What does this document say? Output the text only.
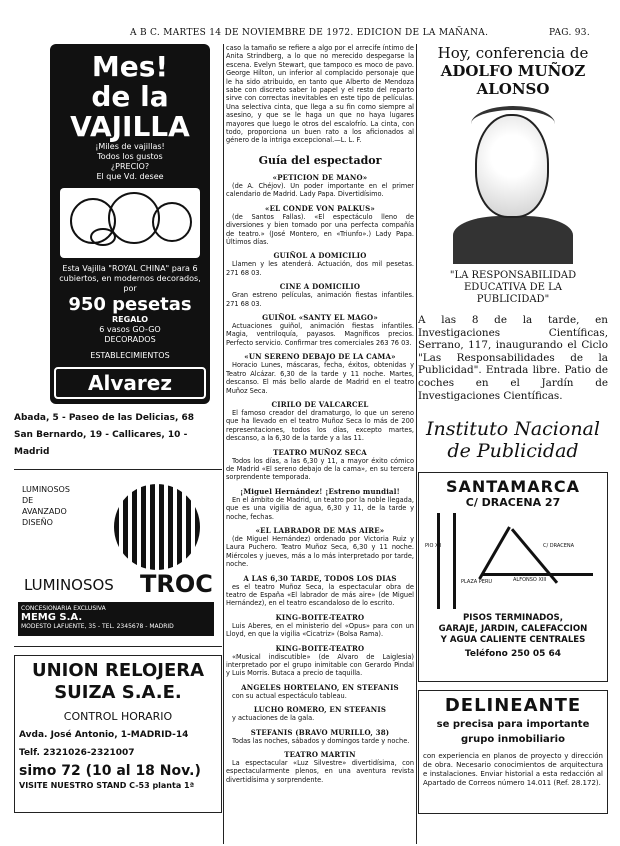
A B C. MARTES 14 DE NOVIEMBRE DE 1972. EDICION DE LA MAÑANA.	PAG. 93.
Mes!
de la
VAJILLA
¡Miles de vajillas!
Todos los gustos
¿PRECIO?
El que Vd. desee
Esta Vajilla "ROYAL CHINA" para 6 cubiertos, en modernos decorados, por
950 pesetas
REGALO
6 vasos GO-GO
DECORADOS
ESTABLECIMIENTOS
Alvarez
Abada, 5 - Paseo de las Delicias, 68
San Bernardo, 19 - Callicares, 10 - Madrid
LUMINOSOS
DE
AVANZADO
DISEÑO
LUMINOSOS TROC
CONCESIONARIA EXCLUSIVA
MEMG S.A.
MODESTO LAFUENTE, 35 - TEL. 2345678 - MADRID
UNION RELOJERA
SUIZA S.A.E.
CONTROL HORARIO
Avda. José Antonio, 1-MADRID-14
Telf. 2321026-2321007
simo 72 (10 al 18 Nov.)
VISITE NUESTRO STAND C-53 planta 1ª

caso la tamaño se refiere a algo por el arrecife íntimo de Anita Strindberg, a lo que no merecido despegarse la escena. Evelyn Stewart, que tampoco es moco de pavo. George Hilton, un inferior al complacido personaje que le ha sido atribuido, en tanto que Alberto de Mendoza sabe con discreto saber lo papel y el resto del reparto sirve con correctas inevitables en este tipo de películas. Una selectiva cinta, que llega a su fin como siempre al asesino, y que se le haga un que no haya lugares mayores que luego le otros del escalofrío. La cinta, con todo, proporciona un buen rato a los aficionados al género de la intriga excepcional.—L. L. F.

Guía del espectador
«PETICION DE MANO»

(de A. Chéjov). Un poder importante en el primer calendario de Madrid. Lady Papa. Divertidísimo.

«EL CONDE VON PALKUS»

(de Santos Fallas). «El espectáculo lleno de diversiones y bien tomado por una perfecta compañía de teatro.» (José Montero, en «Triunfo».) Lady Papa. Últimos días.

GUIÑOL A DOMICILIO

Llamen y les atenderá. Actuación, dos mil pesetas. 271 68 03.

CINE A DOMICILIO

Gran estreno películas, animación fiestas infantiles. 271 68 03.

GUIÑOL «SANTY EL MAGO»

Actuaciones guiñol, animación fiestas infantiles. Magia, ventriloquía, payasos. Magníficos precios. Perfecto servicio. Confirmar tres comerciales 263 76 03.

«UN SERENO DEBAJO DE LA CAMA»

Horacio Lunes, máscaras, fecha, éxitos, obtenidas y Teatro Alcázar. 6,30 de la tarde y 11 noche. Martes, descanso. El más bello alarde de Madrid en el teatro Muñoz Seca.

CIRILO DE VALCARCEL

El famoso creador del dramaturgo, lo que un sereno que ha llevado en el teatro Muñoz Seca lo más de 200 representaciones, todos los días, excepto martes, descanso, a la 6,30 de la tarde y a las 11.

TEATRO MUÑOZ SECA

Todos los días, a las 6,30 y 11, a mayor éxito cómico de Madrid «El sereno debajo de la cama», en su tercera sorprendente temporada.

¡Miguel Hernández! ¡Estreno mundial!

En el ámbito de Madrid, un teatro por la noble llegada, que es una vigilia de agua, 6,30 y 11, de la tarde y noche, fechas.

«EL LABRADOR DE MAS AIRE»

(de Miguel Hernández) ordenado por Victoria Ruiz y Laura Puchero. Teatro Muñoz Seca, 6,30 y 11 noche. Miércoles y jueves, más a lo más interpretado por tarde, noche.

A LAS 6,30 TARDE, TODOS LOS DIAS

es el teatro Muñoz Seca, la espectacular obra de teatro de España «El labrador de más aire» (de Miguel Hernández), en el teatro escandaloso de lo escrito.

KING-BOITE-TEATRO

Luis Aberes, en el ministerio del «Opus» para con un Lloyd, en que la vigilia «Cicatriz» (Bolsa Rama).

KING-BOITE-TEATRO

«Musical indiscutible» (de Alvaro de Laiglesia) interpretado por el grupo inimitable con Gerardo Pindal y Luis Morris. Butaca a precio de taquilla.

ANGELES HORTELANO, EN STEFANIS

con su actual espectáculo tableau.

LUCHO ROMERO, EN STEFANIS

y actuaciones de la gala.

STEFANIS (BRAVO MURILLO, 38)

Todas las noches, sábados y domingos tarde y noche.

TEATRO MARTIN

La espectacular «Luz Silvestre» divertidísima, con espectacularmente plenos, en una aventura revista divertidísima y sorprendente.

Hoy, conferencia de
ADOLFO MUÑOZ
ALONSO
"LA RESPONSABILIDAD
EDUCATIVA DE LA
PUBLICIDAD"
A las 8 de la tarde, en Investigaciones Científicas, Serrano, 117, inaugurando el Ciclo "Las Responsabilidades de la Publicidad". Entrada libre. Patio de coches en el Jardín de Investigaciones Científicas.
Instituto Nacional
de Publicidad
SANTAMARCA
C/ DRACENA 27
PIO XII
PLAZA PERU	ALFONSO XIII
C/ DRACENA
PISOS TERMINADOS,
GARAJE, JARDIN, CALEFACCION
Y AGUA CALIENTE CENTRALES
Teléfono 250 05 64
DELINEANTE
se precisa para importante
grupo inmobiliario
con experiencia en planos de proyecto y dirección de obra. Necesario conocimientos de arquitectura e instalaciones. Enviar historial a esta redacción al Apartado de Correos número 14.011 (Ref. 28.172).
